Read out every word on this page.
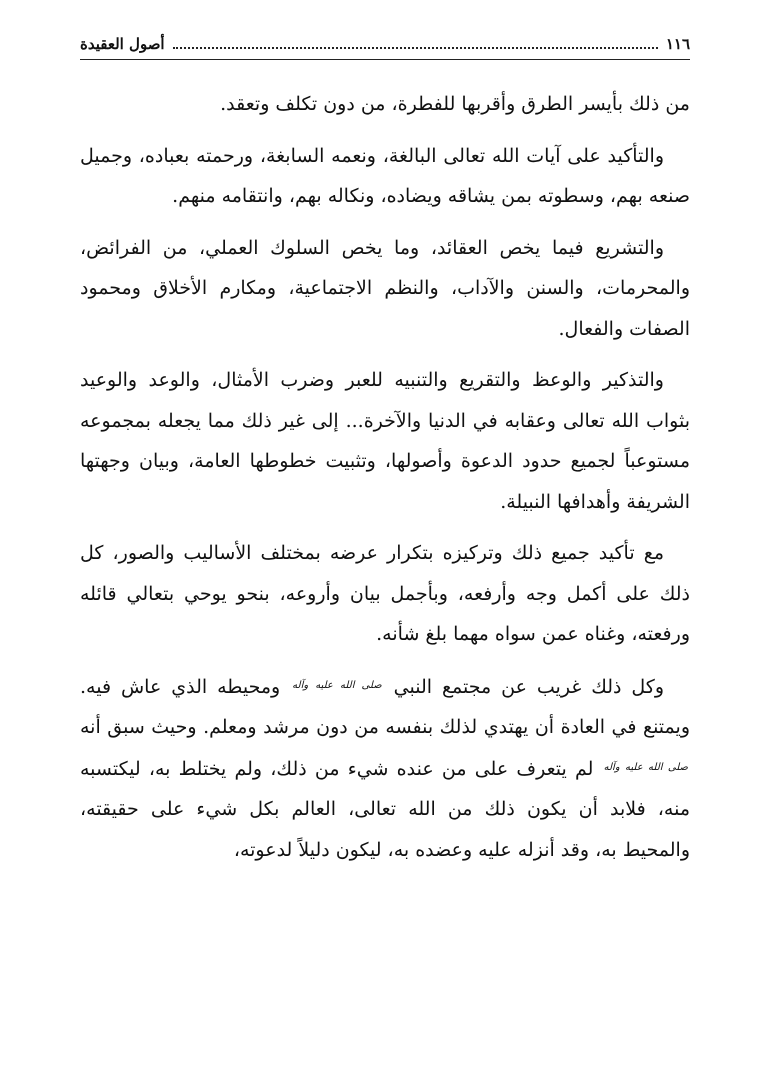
١١٦
أصول العقيدة

من ذلك بأيسر الطرق وأقربها للفطرة، من دون تكلف وتعقد.

والتأكيد على آيات الله تعالى البالغة، ونعمه السابغة، ورحمته بعباده، وجميل صنعه بهم، وسطوته بمن يشاقه ويضاده، ونكاله بهم، وانتقامه منهم.

والتشريع فيما يخص العقائد، وما يخص السلوك العملي، من الفرائض، والمحرمات، والسنن والآداب، والنظم الاجتماعية، ومكارم الأخلاق ومحمود الصفات والفعال.

والتذكير والوعظ والتقريع والتنبيه للعبر وضرب الأمثال، والوعد والوعيد بثواب الله تعالى وعقابه في الدنيا والآخرة... إلى غير ذلك مما يجعله بمجموعه مستوعباً لجميع حدود الدعوة وأصولها، وتثبيت خطوطها العامة، وبيان وجهتها الشريفة وأهدافها النبيلة.

مع تأكيد جميع ذلك وتركيزه بتكرار عرضه بمختلف الأساليب والصور، كل ذلك على أكمل وجه وأرفعه، وبأجمل بيان وأروعه، بنحو يوحي بتعالي قائله ورفعته، وغناه عمن سواه مهما بلغ شأنه.

وكل ذلك غريب عن مجتمع النبي $^{صلى الله عليه وآله}$ ومحيطه الذي عاش فيه. ويمتنع في العادة أن يهتدي لذلك بنفسه من دون مرشد ومعلم. وحيث سبق أنه $^{صلى الله عليه وآله}$ لم يتعرف على من عنده شيء من ذلك، ولم يختلط به، ليكتسبه منه، فلابد أن يكون ذلك من الله تعالى، العالم بكل شيء على حقيقته، والمحيط به، وقد أنزله عليه وعضده به، ليكون دليلاً لدعوته،
